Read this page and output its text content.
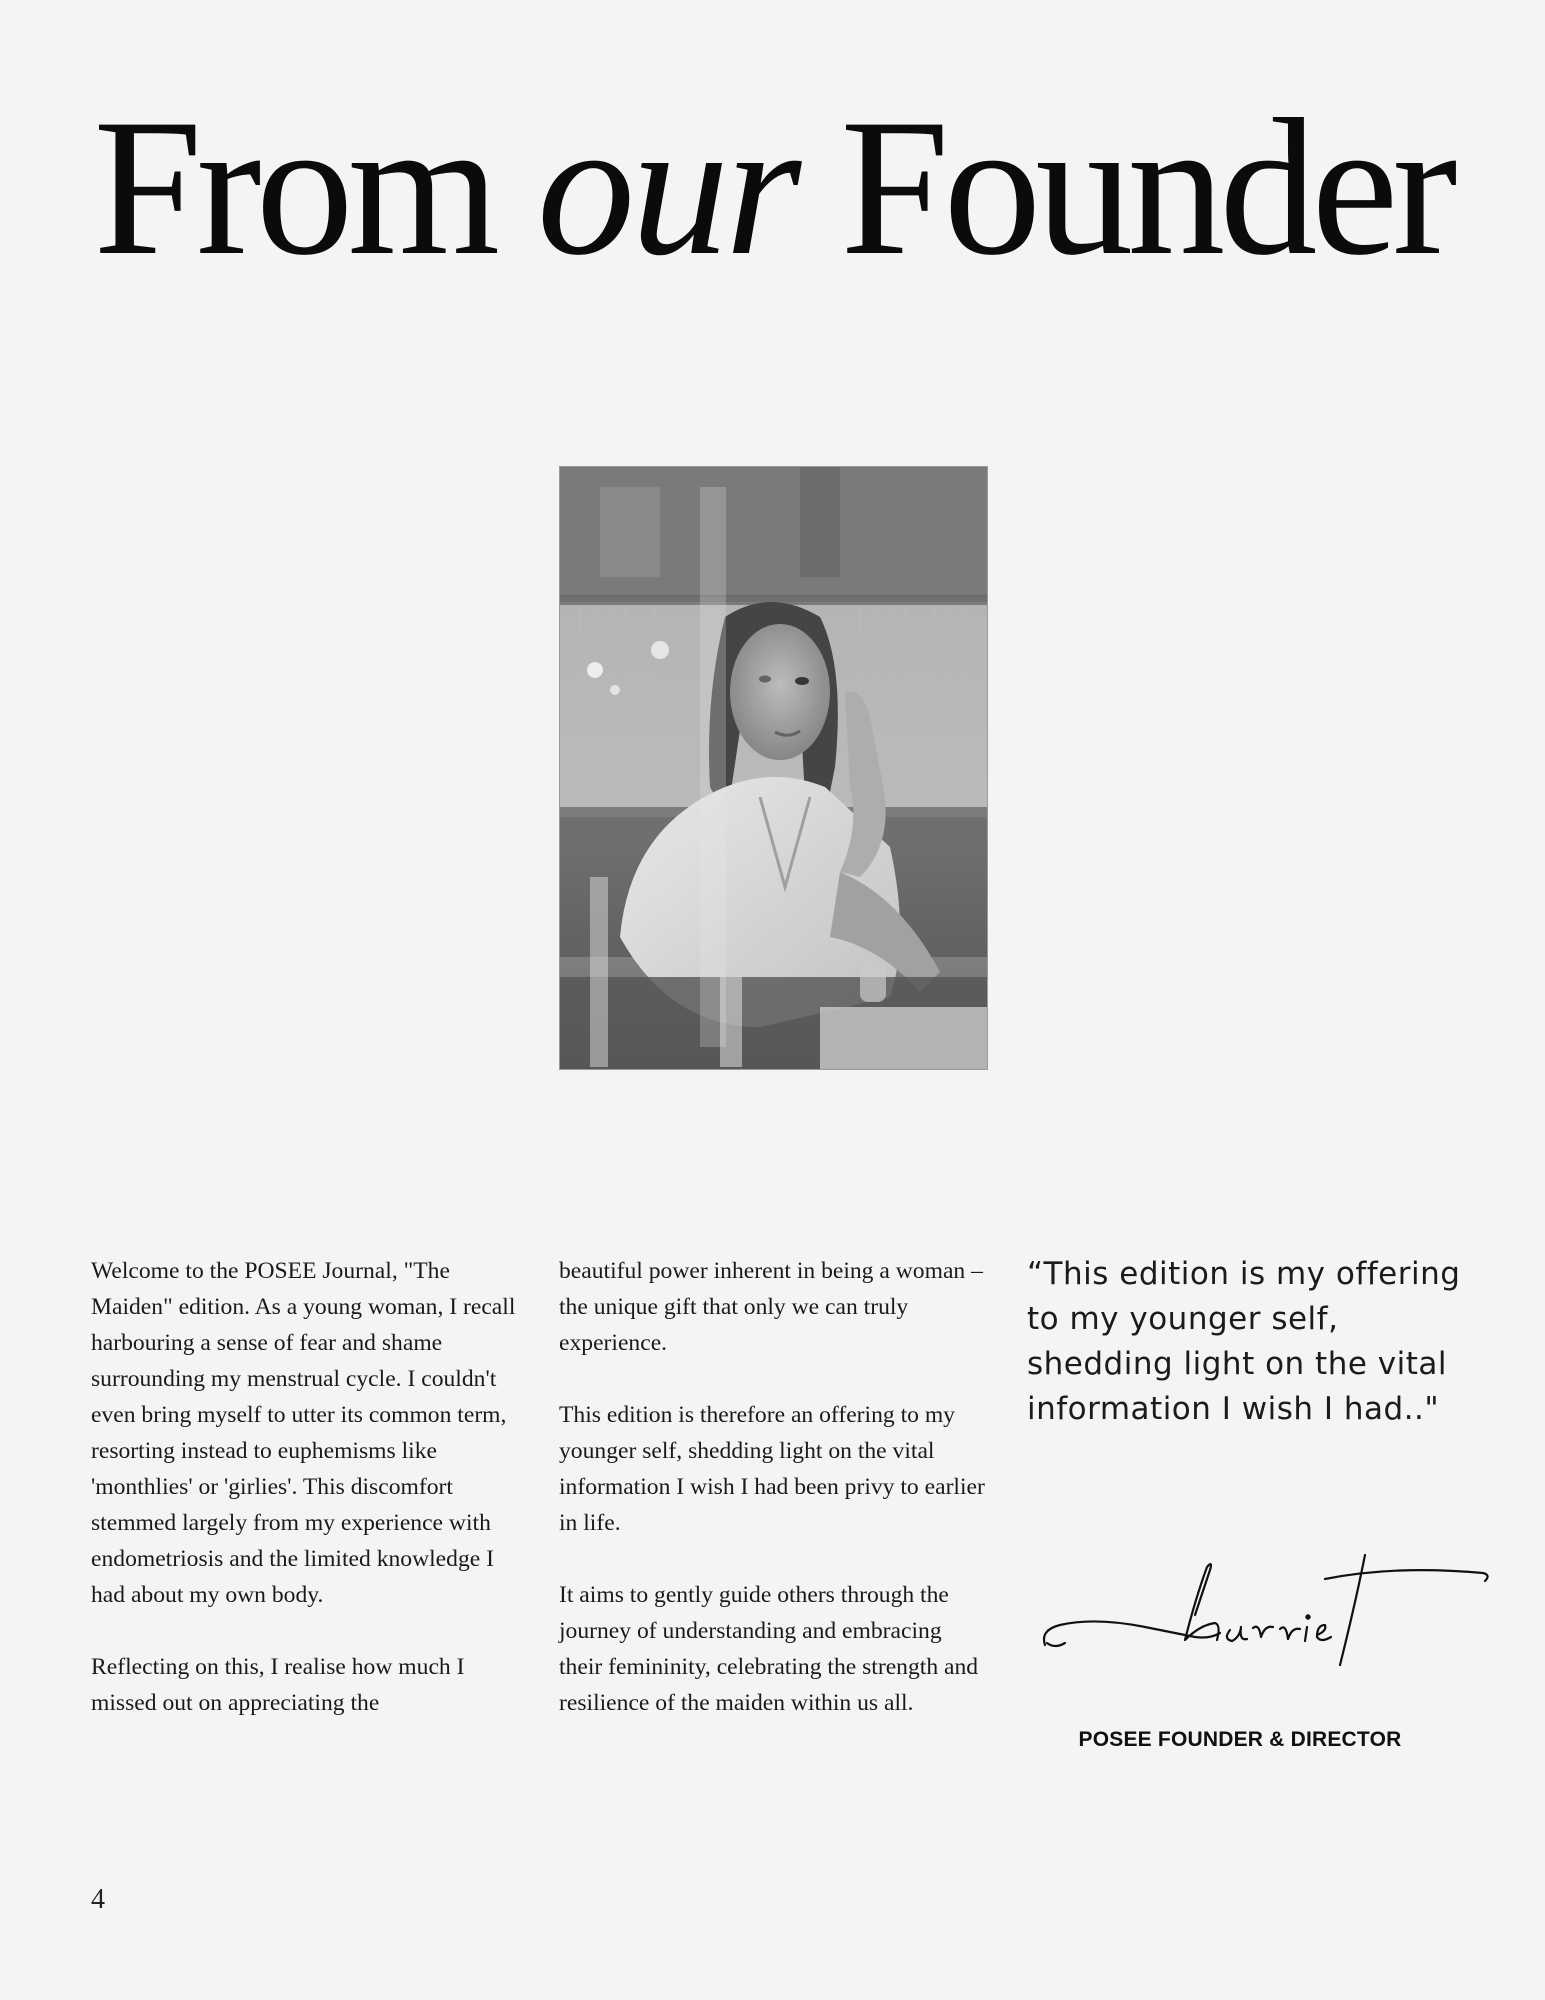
From our Founder

Welcome to the POSEE Journal, "The Maiden" edition. As a young woman, I recall harbouring a sense of fear and shame surrounding my menstrual cycle. I couldn't even bring myself to utter its common term, resorting instead to euphemisms like 'monthlies' or 'girlies'. This discomfort stemmed largely from my experience with endometriosis and the limited knowledge I had about my own body.

Reflecting on this, I realise how much I missed out on appreciating the

beautiful power inherent in being a woman – the unique gift that only we can truly experience.

This edition is therefore an offering to my younger self, shedding light on the vital information I wish I had been privy to earlier in life.

It aims to gently guide others through the journey of understanding and embracing their femininity, celebrating the strength and resilience of the maiden within us all.

“This edition is my offering to my younger self, shedding light on the vital information I wish I had.."

POSEE FOUNDER & DIRECTOR
4
